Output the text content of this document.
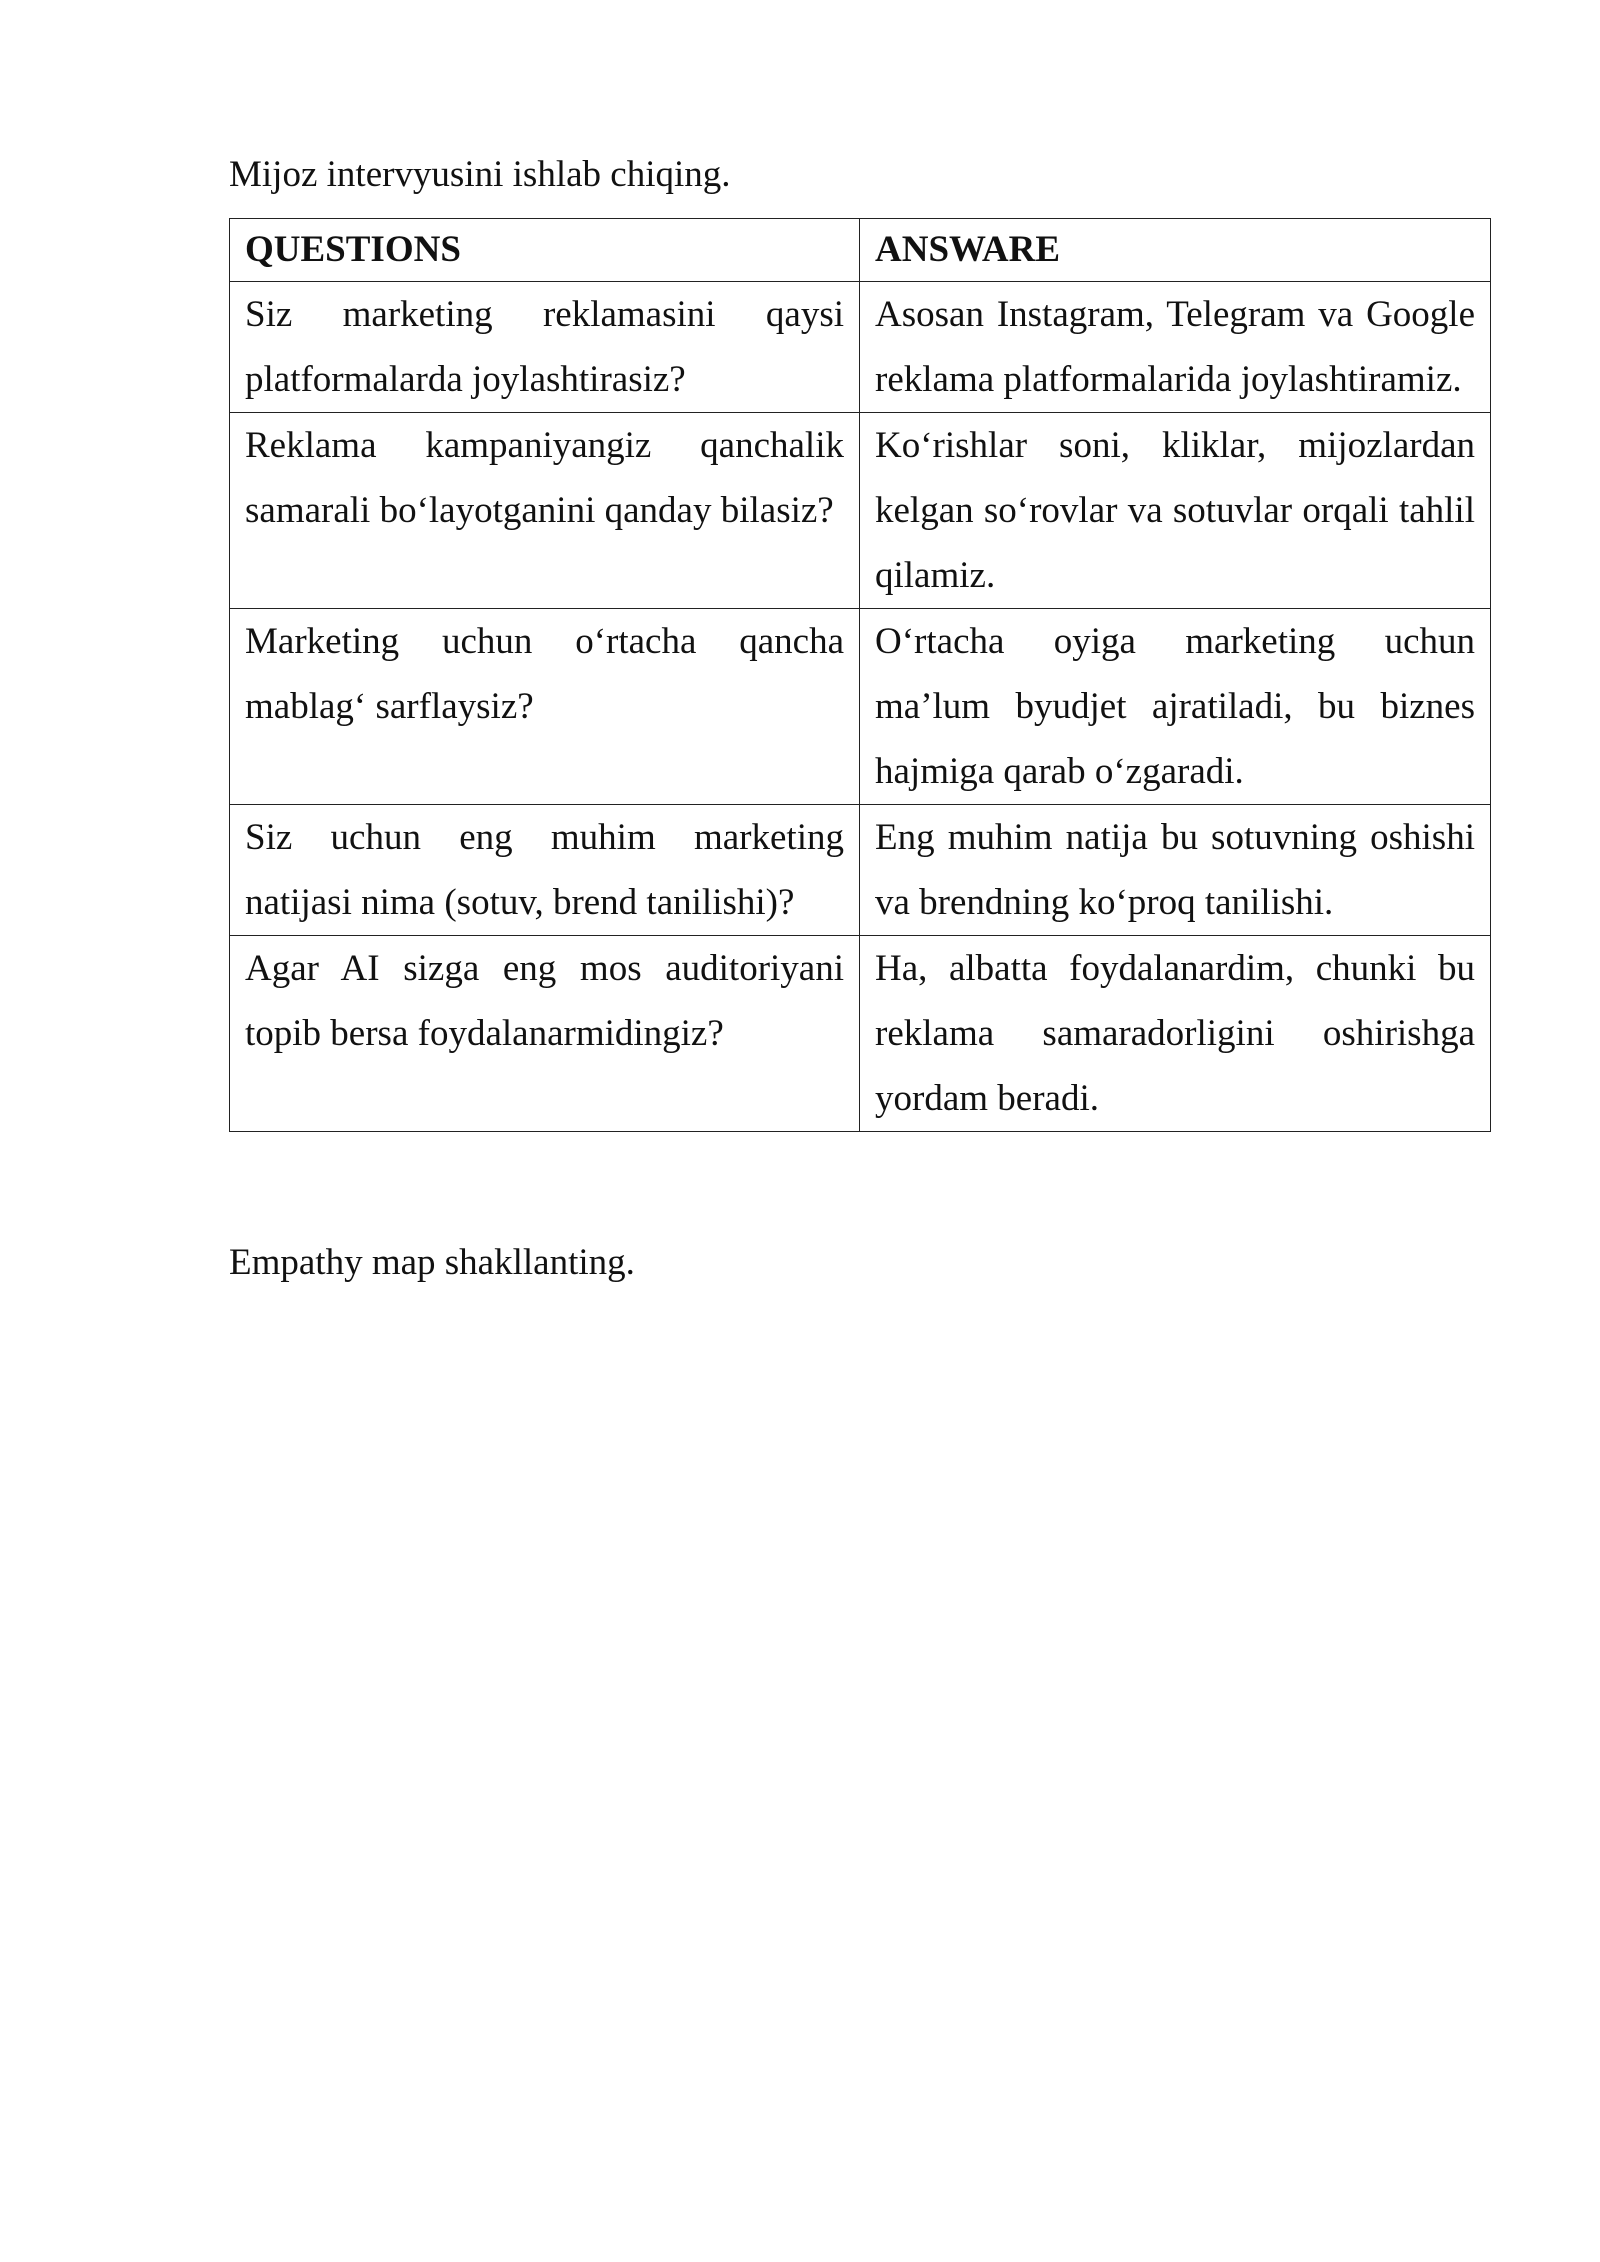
Mijoz intervyusini ishlab chiqing.

QUESTIONS	ANSWARE
Siz marketing reklamasini qaysi platformalarda joylashtirasiz?	Asosan Instagram, Telegram va Google reklama platformalarida joylashtiramiz.
Reklama kampaniyangiz qanchalik samarali bo‘layotganini qanday bilasiz?	Ko‘rishlar soni, kliklar, mijozlardan kelgan so‘rovlar va sotuvlar orqali tahlil qilamiz.
Marketing uchun o‘rtacha qancha mablag‘ sarflaysiz?	O‘rtacha oyiga marketing uchun ma’lum byudjet ajratiladi, bu biznes hajmiga qarab o‘zgaradi.
Siz uchun eng muhim marketing natijasi nima (sotuv, brend tanilishi)?	Eng muhim natija bu sotuvning oshishi va brendning ko‘proq tanilishi.
Agar AI sizga eng mos auditoriyani topib bersa foydalanarmidingiz?	Ha, albatta foydalanardim, chunki bu reklama samaradorligini oshirishga yordam beradi.

Empathy map shakllanting.
